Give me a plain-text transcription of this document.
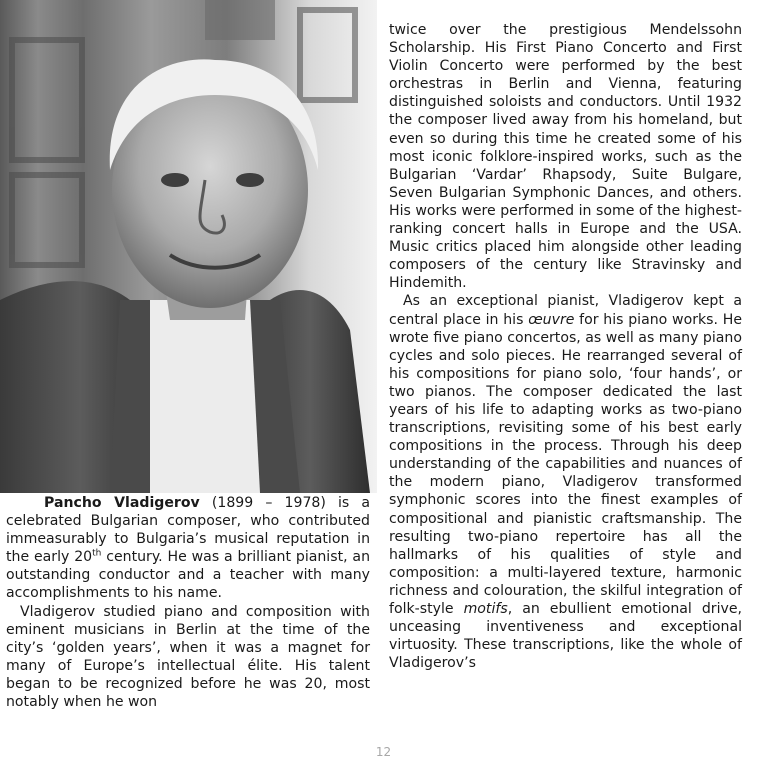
Pancho Vladigerov (1899 – 1978) is a celebrated Bulgarian composer, who contributed immeasurably to Bulgaria’s musical reputation in the early 20th century. He was a brilliant pianist, an outstanding conductor and a teacher with many accomplishments to his name.

Vladigerov studied piano and composition with eminent musicians in Berlin at the time of the city’s ‘golden years’, when it was a magnet for many of Europe’s intellectual élite. His talent began to be recognized before he was 20, most notably when he won

twice over the prestigious Mendelssohn Scholarship. His First Piano Concerto and First Violin Concerto were performed by the best orchestras in Berlin and Vienna, featuring distinguished soloists and conductors. Until 1932 the composer lived away from his homeland, but even so during this time he created some of his most iconic folklore-inspired works, such as the Bulgarian ‘Vardar’ Rhapsody, Suite Bulgare, Seven Bulgarian Symphonic Dances, and others. His works were performed in some of the highest-ranking concert halls in Europe and the USA. Music critics placed him alongside other leading composers of the century like Stravinsky and Hindemith.

As an exceptional pianist, Vladigerov kept a central place in his œuvre for his piano works. He wrote five piano concertos, as well as many piano cycles and solo pieces. He rearranged several of his compositions for piano solo, ‘four hands’, or two pianos. The composer dedicated the last years of his life to adapting works as two-piano transcriptions, revisiting some of his best early compositions in the process. Through his deep understanding of the capabilities and nuances of the modern piano, Vladigerov transformed symphonic scores into the finest examples of compositional and pianistic craftsmanship. The resulting two-piano repertoire has all the hallmarks of his qualities of style and composition: a multi-layered texture, harmonic richness and colouration, the skilful integration of folk-style motifs, an ebullient emotional drive, unceasing inventiveness and exceptional virtuosity. These transcriptions, like the whole of Vladigerov’s

12
